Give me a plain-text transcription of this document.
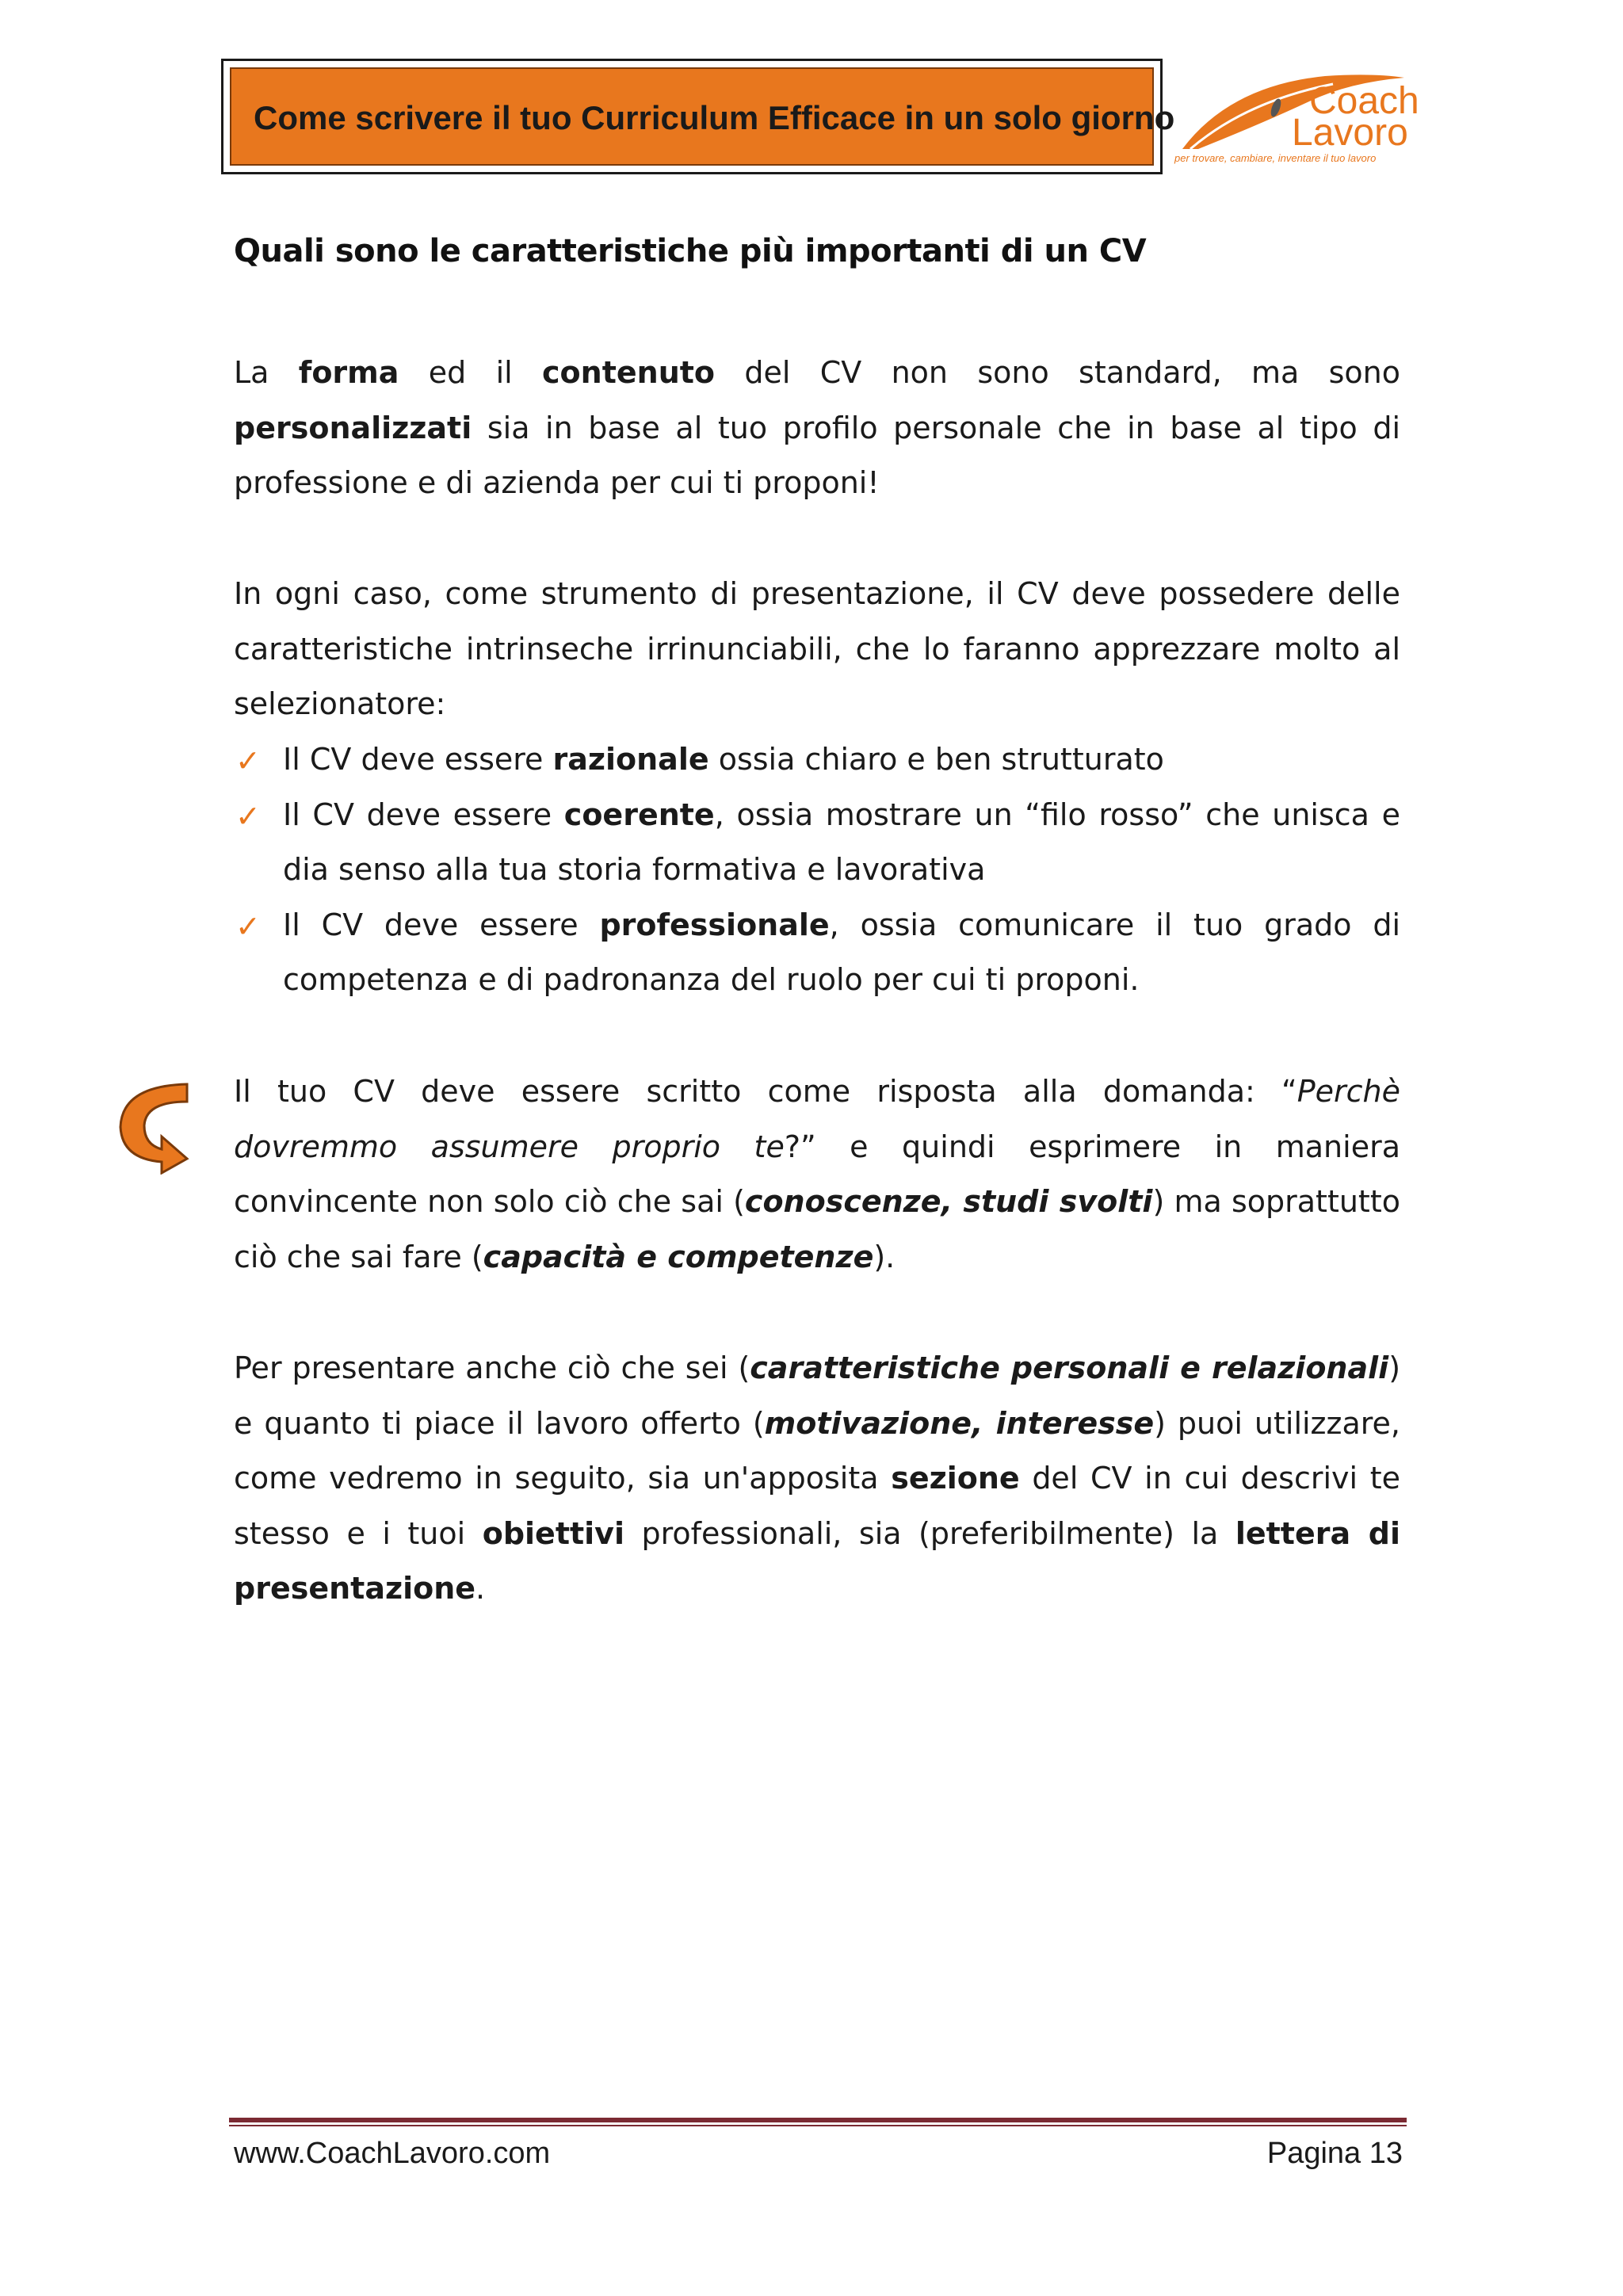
Come scrivere il tuo Curriculum Efficace in un solo giorno	Coach
Lavoro
per trovare, cambiare, inventare il tuo lavoro
Quali sono le caratteristiche più importanti di un CV
La forma ed il contenuto del CV non sono standard, ma sono personalizzati sia in base al tuo profilo personale che in base al tipo di professione e di azienda per cui ti proponi!
In ogni caso, come strumento di presentazione, il CV deve possedere delle caratteristiche intrinseche irrinunciabili, che lo faranno apprezzare molto al selezionatore:
✓ Il CV deve essere razionale ossia chiaro e ben strutturato
✓ Il CV deve essere coerente, ossia mostrare un “filo rosso” che unisca e dia senso alla tua storia formativa e lavorativa
✓ Il CV deve essere professionale, ossia comunicare il tuo grado di competenza e di padronanza del ruolo per cui ti proponi.
Il tuo CV deve essere scritto come risposta alla domanda: “Perchè dovremmo assumere proprio te?” e quindi esprimere in maniera convincente non solo ciò che sai (conoscenze, studi svolti) ma soprattutto ciò che sai fare (capacità e competenze).
Per presentare anche ciò che sei (caratteristiche personali e relazionali) e quanto ti piace il lavoro offerto (motivazione, interesse) puoi utilizzare, come vedremo in seguito, sia un'apposita sezione del CV in cui descrivi te stesso e i tuoi obiettivi professionali, sia (preferibilmente) la lettera di presentazione.
www.CoachLavoro.com	Pagina 13
